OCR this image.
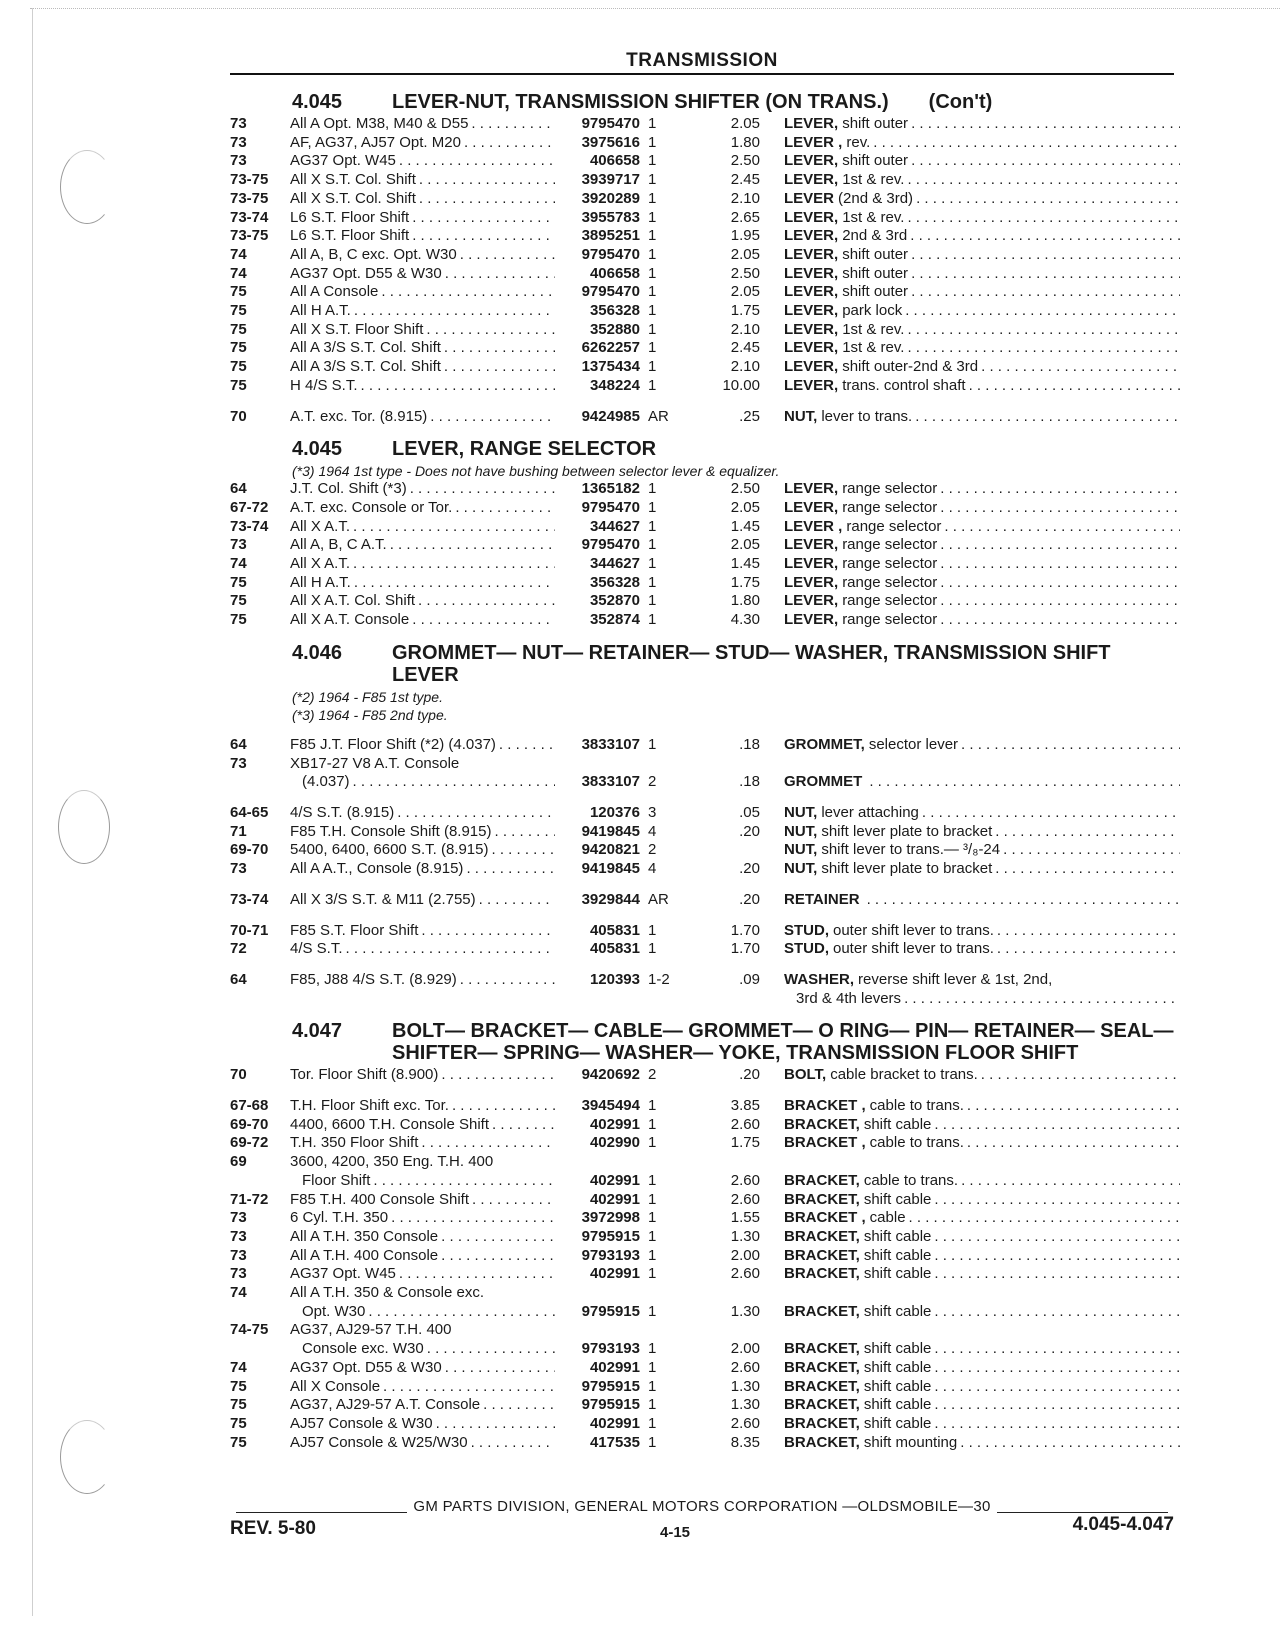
TRANSMISSION
4.045	LEVER-NUT, TRANSMISSION SHIFTER (ON TRANS.) (Con't)
73	All A Opt. M38, M40 & D55 . . .	9795470 1	2.05 LEVER, shift outer
. . .
73	AF, AG37, AJ57 Opt. M20 . . .	3975616 1	1.80 LEVER , rev.
. . .
73	AG37 Opt. W45 . . .	406658 1	2.50 LEVER, shift outer
. . .
73-75	All X S.T. Col. Shift . . .	3939717 1	2.45 LEVER, 1st & rev.
. . .
73-75	All X S.T. Col. Shift . . .	3920289 1	2.10 LEVER (2nd & 3rd)
. . .
73-74	L6 S.T. Floor Shift . . .	3955783 1	2.65 LEVER, 1st & rev.
. . .
73-75	L6 S.T. Floor Shift . . .	3895251 1	1.95 LEVER, 2nd & 3rd
. . .
74	All A, B, C exc. Opt. W30 . . .	9795470 1	2.05 LEVER, shift outer
. . .
74	AG37 Opt. D55 & W30 . . .	406658 1	2.50 LEVER, shift outer
. . .
75	All A Console . . .	9795470 1	2.05 LEVER, shift outer
. . .
75	All H A.T. . . .	356328 1	1.75 LEVER, park lock
. . .
75	All X S.T. Floor Shift . . .	352880 1	2.10 LEVER, 1st & rev.
. . .
75	All A 3/S S.T. Col. Shift . . .	6262257 1	2.45 LEVER, 1st & rev.
. . .
75	All A 3/S S.T. Col. Shift . . .	1375434 1	2.10 LEVER, shift outer-2nd & 3rd
. . .
75	H 4/S S.T. . . .	348224 1	10.00 LEVER, trans. control shaft
. . .
70	A.T. exc. Tor. (8.915) . . .	9424985 AR	.25 NUT, lever to trans.
. . .
4.045	LEVER, RANGE SELECTOR
(*3) 1964 1st type - Does not have bushing between selector lever & equalizer.
64	J.T. Col. Shift (*3) . . .	1365182 1	2.50 LEVER, range selector
. . .
67-72	A.T. exc. Console or Tor. . . .	9795470 1	2.05 LEVER, range selector
. . .
73-74	All X A.T. . . .	344627 1	1.45 LEVER , range selector
. . .
73	All A, B, C A.T. . . .	9795470 1	2.05 LEVER, range selector
. . .
74	All X A.T. . . .	344627 1	1.45 LEVER, range selector
. . .
75	All H A.T. . . .	356328 1	1.75 LEVER, range selector
. . .
75	All X A.T. Col. Shift . . .	352870 1	1.80 LEVER, range selector
. . .
75	All X A.T. Console . . .	352874 1	4.30 LEVER, range selector
. . .
4.046	GROMMET— NUT— RETAINER— STUD— WASHER, TRANSMISSION SHIFT LEVER
(*2) 1964 - F85 1st type.
(*3) 1964 - F85 2nd type.
64	F85 J.T. Floor Shift (*2) (4.037) . . .	3833107 1	.18 GROMMET, selector lever
. . .
73	XB17-27 V8 A.T. Console
(4.037) . . .	3833107 2	.18 GROMMET
. . .
64-65	4/S S.T. (8.915) . . .	120376 3	.05 NUT, lever attaching
. . .
71	F85 T.H. Console Shift (8.915) . . .	9419845 4	.20 NUT, shift lever plate to bracket
. . .
69-70	5400, 6400, 6600 S.T. (8.915) . . .	9420821 2	NUT, shift lever to trans.— ³/₈-24
. . .
73	All A A.T., Console (8.915) . . .	9419845 4	.20 NUT, shift lever plate to bracket
. . .
73-74	All X 3/S S.T. & M11 (2.755) . . .	3929844 AR	.20 RETAINER
. . .
70-71	F85 S.T. Floor Shift . . .	405831 1	1.70 STUD, outer shift lever to trans.
. . .
72	4/S S.T. . . .	405831 1	1.70 STUD, outer shift lever to trans.
. . .
64	F85, J88 4/S S.T. (8.929) . . .	120393 1-2	.09 WASHER, reverse shift lever & 1st, 2nd,
3rd & 4th levers
. . .
4.047	BOLT— BRACKET— CABLE— GROMMET— O RING— PIN— RETAINER— SEAL— SHIFTER— SPRING— WASHER— YOKE, TRANSMISSION FLOOR SHIFT
70	Tor. Floor Shift (8.900) . . .	9420692 2	.20 BOLT, cable bracket to trans.
. . .
67-68	T.H. Floor Shift exc. Tor. . . .	3945494 1	3.85 BRACKET , cable to trans.
. . .
69-70	4400, 6600 T.H. Console Shift . . .	402991 1	2.60 BRACKET, shift cable
. . .
69-72	T.H. 350 Floor Shift . . .	402990 1	1.75 BRACKET , cable to trans.
. . .
69	3600, 4200, 350 Eng. T.H. 400
Floor Shift . . .	402991 1	2.60 BRACKET, cable to trans.
. . .
71-72	F85 T.H. 400 Console Shift . . .	402991 1	2.60 BRACKET, shift cable
. . .
73	6 Cyl. T.H. 350 . . .	3972998 1	1.55 BRACKET , cable
. . .
73	All A T.H. 350 Console . . .	9795915 1	1.30 BRACKET, shift cable
. . .
73	All A T.H. 400 Console . . .	9793193 1	2.00 BRACKET, shift cable
. . .
73	AG37 Opt. W45 . . .	402991 1	2.60 BRACKET, shift cable
. . .
74	All A T.H. 350 & Console exc.
Opt. W30 . . .	9795915 1	1.30 BRACKET, shift cable
. . .
74-75	AG37, AJ29-57 T.H. 400
Console exc. W30 . . .	9793193 1	2.00 BRACKET, shift cable
. . .
74	AG37 Opt. D55 & W30 . . .	402991 1	2.60 BRACKET, shift cable
. . .
75	All X Console . . .	9795915 1	1.30 BRACKET, shift cable
. . .
75	AG37, AJ29-57 A.T. Console . . .	9795915 1	1.30 BRACKET, shift cable
. . .
75	AJ57 Console & W30 . . .	402991 1	2.60 BRACKET, shift cable
. . .
75	AJ57 Console & W25/W30 . . .	417535 1	8.35 BRACKET, shift mounting
. . .
GM PARTS DIVISION, GENERAL MOTORS CORPORATION —OLDSMOBILE—30
REV. 5-80	4-15	4.045-4.047
